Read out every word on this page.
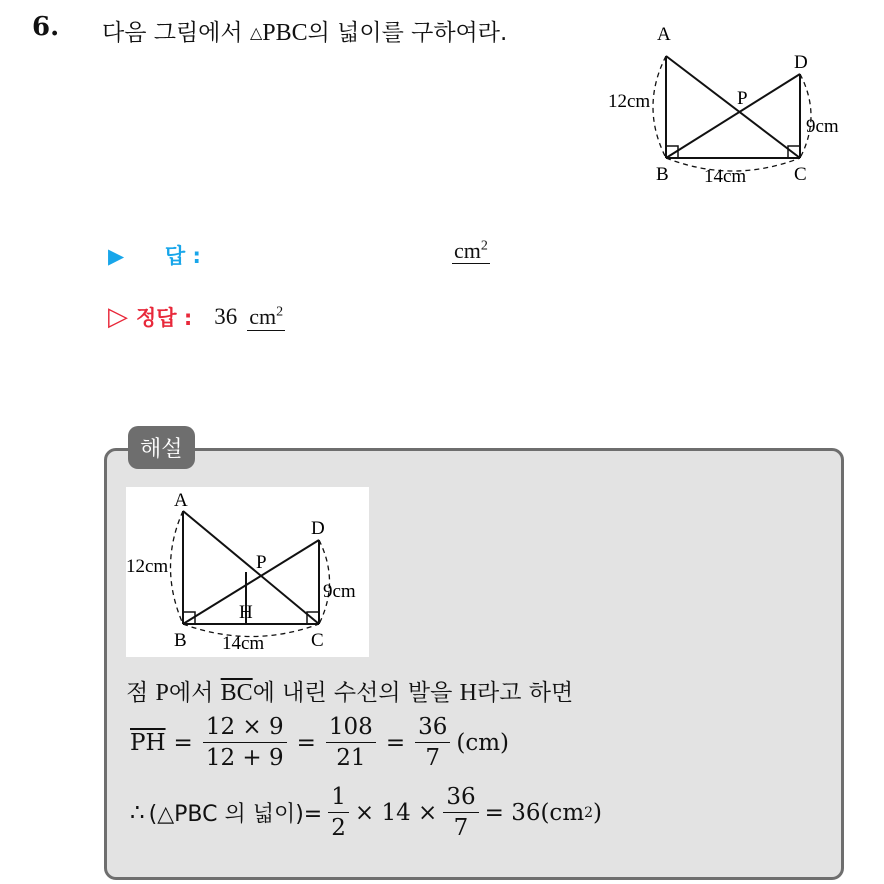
6. 다음 그림에서 △PBC의 넓이를 구하여라.	A
D
P
B	C
12cm
9cm
14cm
▶ 답 :	$cm^2$
▷ 정답 : 36 $cm^2$
해설
A
D
P
H
B	C
12cm
9cm
14cm
점 P에서 $\overline{BC}$에 내린 수선의 발을 H라고 하면
$\overline{PH} = \frac{12 \times 9}{12 + 9} = \frac{108}{21} = \frac{36}{7} (cm)$
∴ (△PBC 의 넓이)= $\frac{1}{2} \times 14 \times \frac{36}{7} = 36(cm$ 2 )
